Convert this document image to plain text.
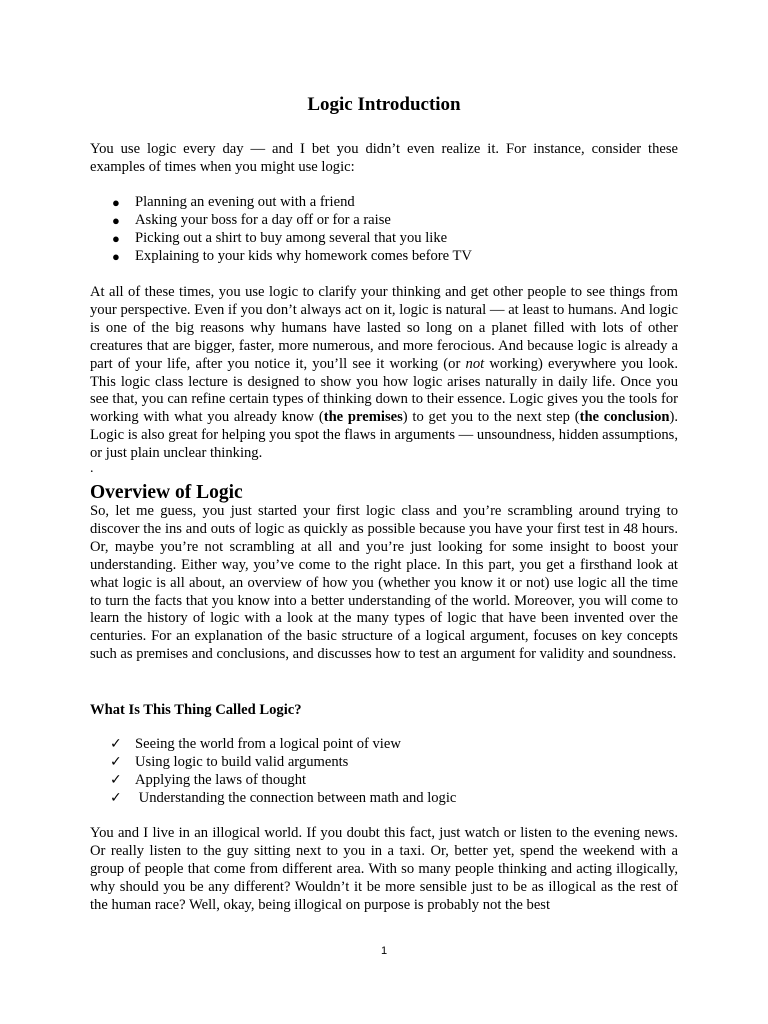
Logic Introduction

You use logic every day — and I bet you didn’t even realize it. For instance, consider these examples of times when you might use logic:

● Planning an evening out with a friend
● Asking your boss for a day off or for a raise
● Picking out a shirt to buy among several that you like
● Explaining to your kids why homework comes before TV

At all of these times, you use logic to clarify your thinking and get other people to see things from your perspective. Even if you don’t always act on it, logic is natural — at least to humans. And logic is one of the big reasons why humans have lasted so long on a planet filled with lots of other creatures that are bigger, faster, more numerous, and more ferocious. And because logic is already a part of your life, after you notice it, you’ll see it working (or not working) everywhere you look. This logic class lecture is designed to show you how logic arises naturally in daily life. Once you see that, you can refine certain types of thinking down to their essence. Logic gives you the tools for working with what you already know (the premises) to get you to the next step (the conclusion). Logic is also great for helping you spot the flaws in arguments — unsoundness, hidden assumptions, or just plain unclear thinking.

.
Overview of Logic

So, let me guess, you just started your first logic class and you’re scrambling around trying to discover the ins and outs of logic as quickly as possible because you have your first test in 48 hours. Or, maybe you’re not scrambling at all and you’re just looking for some insight to boost your understanding. Either way, you’ve come to the right place. In this part, you get a firsthand look at what logic is all about, an overview of how you (whether you know it or not) use logic all the time to turn the facts that you know into a better understanding of the world. Moreover, you will come to learn the history of logic with a look at the many types of logic that have been invented over the centuries. For an explanation of the basic structure of a logical argument, focuses on key concepts such as premises and conclusions, and discusses how to test an argument for validity and soundness.

What Is This Thing Called Logic?
✓ Seeing the world from a logical point of view
✓ Using logic to build valid arguments
✓ Applying the laws of thought
✓ Understanding the connection between math and logic

You and I live in an illogical world. If you doubt this fact, just watch or listen to the evening news. Or really listen to the guy sitting next to you in a taxi. Or, better yet, spend the weekend with a group of people that come from different area. With so many people thinking and acting illogically, why should you be any different? Wouldn’t it be more sensible just to be as illogical as the rest of the human race? Well, okay, being illogical on purpose is probably not the best

1
